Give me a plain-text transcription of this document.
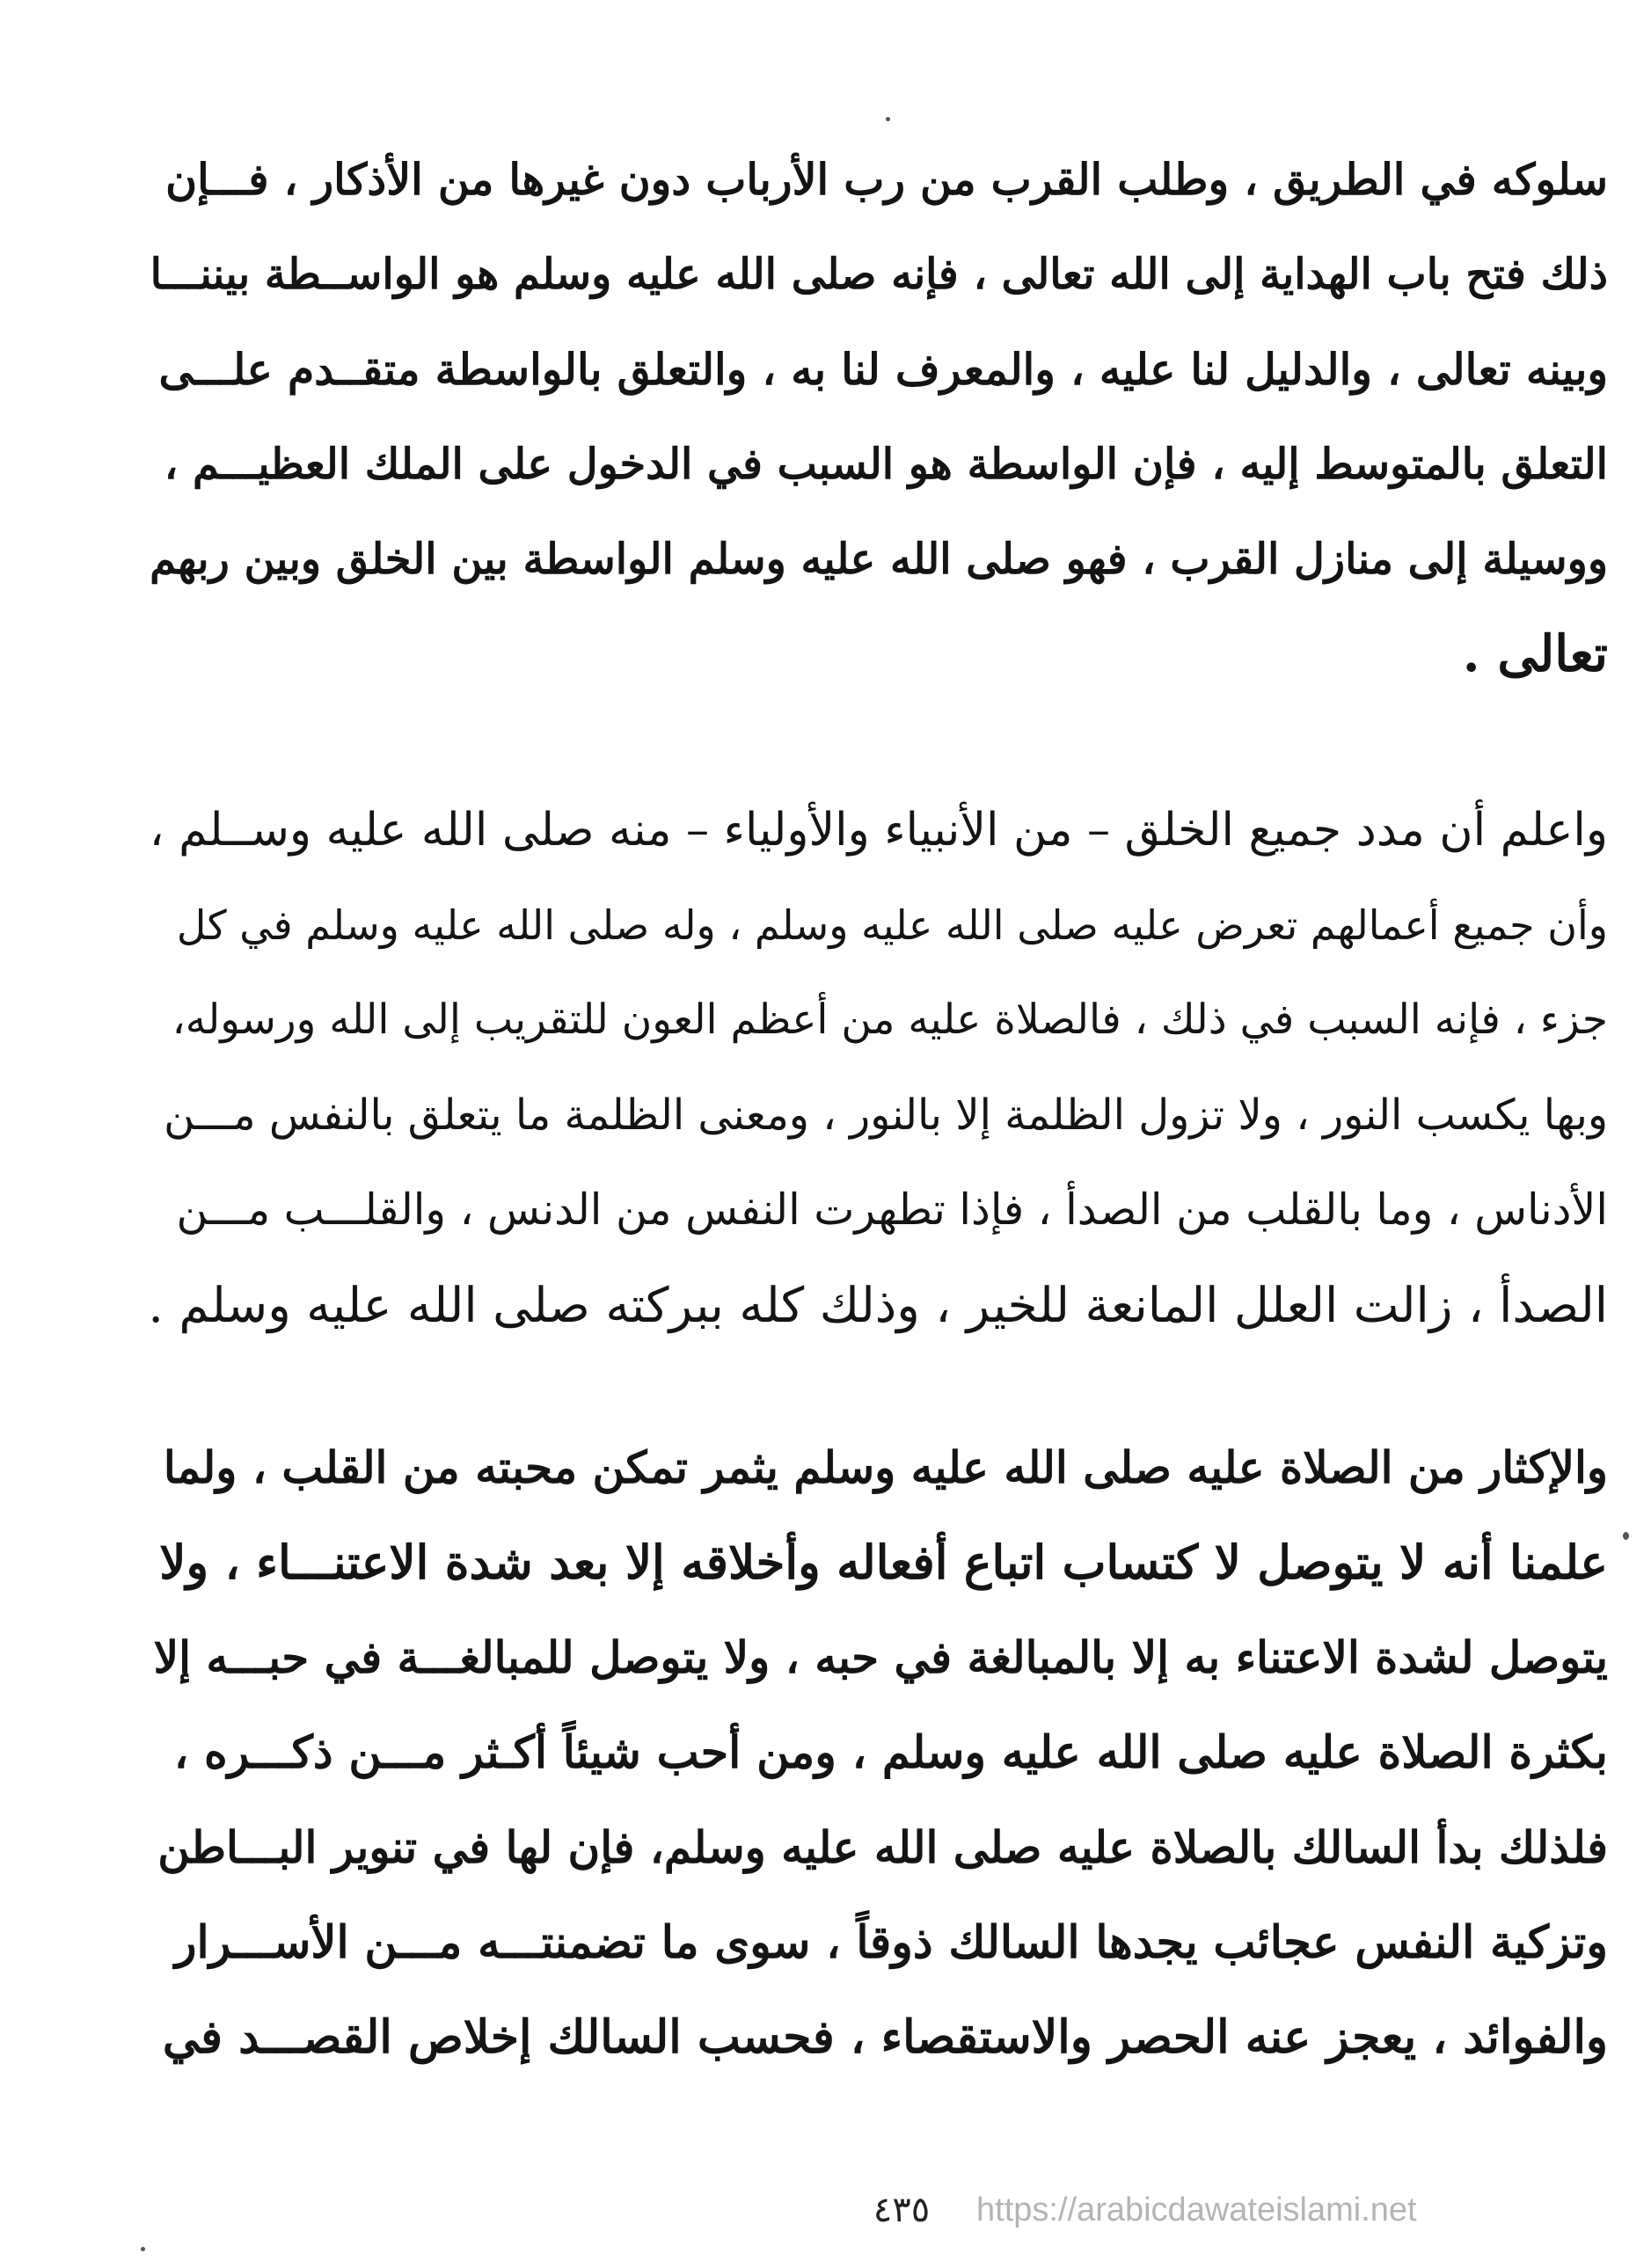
سلوكه في الطريق ، وطلب القرب من رب الأرباب دون غيرها من الأذكار ، فـــإن
ذلك فتح باب الهداية إلى الله تعالى ، فإنه صلى الله عليه وسلم هو الواســطة بيننـــا
وبينه تعالى ، والدليل لنا عليه ، والمعرف لنا به ، والتعلق بالواسطة متقــدم علـــى
التعلق بالمتوسط إليه ، فإن الواسطة هو السبب في الدخول على الملك العظيـــم ،
ووسيلة إلى منازل القرب ، فهو صلى الله عليه وسلم الواسطة بين الخلق وبين ربهم
تعالى .
واعلم أن مدد جميع الخلق – من الأنبياء والأولياء – منه صلى الله عليه وســلم ،
وأن جميع أعمالهم تعرض عليه صلى الله عليه وسلم ، وله صلى الله عليه وسلم في كل
جزء ، فإنه السبب في ذلك ، فالصلاة عليه من أعظم العون للتقريب إلى الله ورسوله،
وبها يكسب النور ، ولا تزول الظلمة إلا بالنور ، ومعنى الظلمة ما يتعلق بالنفس مـــن
الأدناس ، وما بالقلب من الصدأ ، فإذا تطهرت النفس من الدنس ، والقلـــب مـــن
الصدأ ، زالت العلل المانعة للخير ، وذلك كله ببركته صلى الله عليه وسلم .
والإكثار من الصلاة عليه صلى الله عليه وسلم يثمر تمكن محبته من القلب ، ولما
علمنا أنه لا يتوصل لا كتساب اتباع أفعاله وأخلاقه إلا بعد شدة الاعتنـــاء ، ولا
يتوصل لشدة الاعتناء به إلا بالمبالغة في حبه ، ولا يتوصل للمبالغـــة في حبـــه إلا
بكثرة الصلاة عليه صلى الله عليه وسلم ، ومن أحب شيئاً أكـثر مـــن ذكـــره ،
فلذلك بدأ السالك بالصلاة عليه صلى الله عليه وسلم، فإن لها في تنوير البـــاطن
وتزكية النفس عجائب يجدها السالك ذوقاً ، سوى ما تضمنتـــه مـــن الأســـرار
والفوائد ، يعجز عنه الحصر والاستقصاء ، فحسب السالك إخلاص القصـــد في
٤٣٥	https://arabicdawateislami.net
